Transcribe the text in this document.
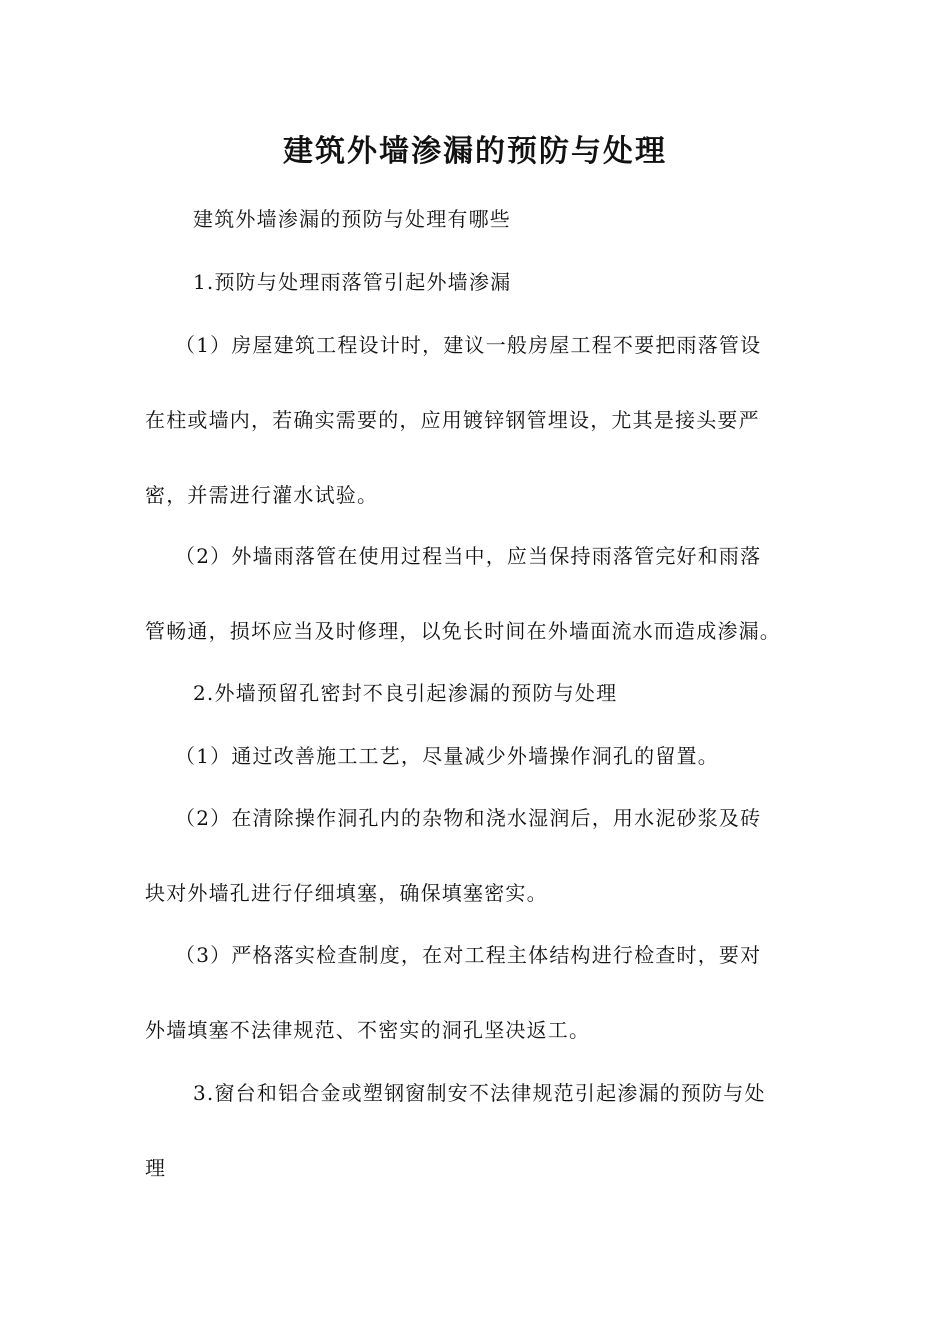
建筑外墙渗漏的预防与处理

建筑外墙渗漏的预防与处理有哪些

1.预防与处理雨落管引起外墙渗漏

（1）房屋建筑工程设计时，建议一般房屋工程不要把雨落管设

在柱或墙内，若确实需要的，应用镀锌钢管埋设，尤其是接头要严

密，并需进行灌水试验。

（2）外墙雨落管在使用过程当中，应当保持雨落管完好和雨落

管畅通，损坏应当及时修理，以免长时间在外墙面流水而造成渗漏。

2.外墙预留孔密封不良引起渗漏的预防与处理

（1）通过改善施工工艺，尽量减少外墙操作洞孔的留置。

（2）在清除操作洞孔内的杂物和浇水湿润后，用水泥砂浆及砖

块对外墙孔进行仔细填塞，确保填塞密实。

（3）严格落实检查制度，在对工程主体结构进行检查时，要对

外墙填塞不法律规范、不密实的洞孔坚决返工。

3.窗台和铝合金或塑钢窗制安不法律规范引起渗漏的预防与处

理
